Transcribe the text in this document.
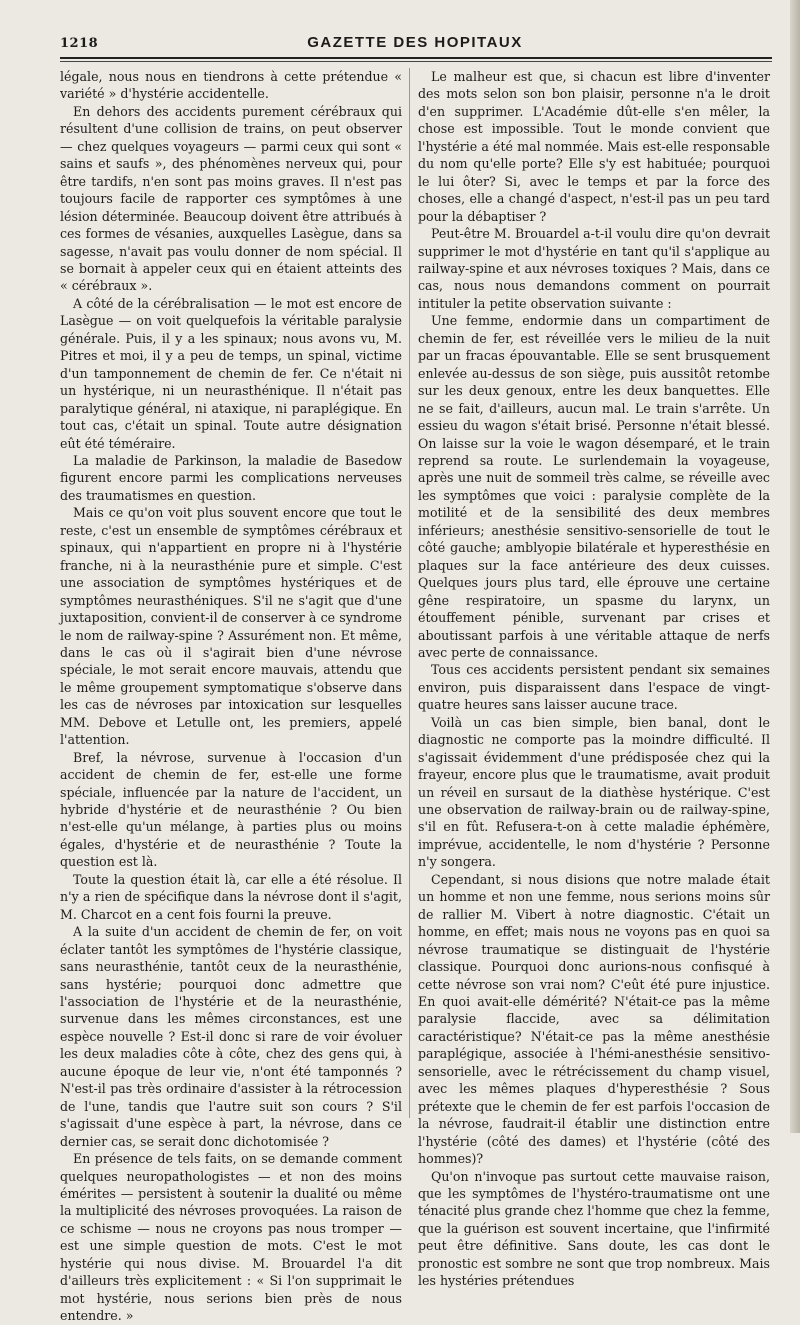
1218	GAZETTE DES HOPITAUX

légale, nous nous en tiendrons à cette prétendue « variété » d'hystérie accidentelle.

En dehors des accidents purement cérébraux qui résultent d'une collision de trains, on peut observer — chez quelques voyageurs — parmi ceux qui sont « sains et saufs », des phénomènes nerveux qui, pour être tardifs, n'en sont pas moins graves. Il n'est pas toujours facile de rapporter ces symptômes à une lésion déterminée. Beaucoup doivent être attribués à ces formes de vésanies, auxquelles Lasègue, dans sa sagesse, n'avait pas voulu donner de nom spécial. Il se bornait à appeler ceux qui en étaient atteints des « cérébraux ».

A côté de la cérébralisation — le mot est encore de Lasègue — on voit quelquefois la véritable paralysie générale. Puis, il y a les spinaux; nous avons vu, M. Pitres et moi, il y a peu de temps, un spinal, victime d'un tamponnement de chemin de fer. Ce n'était ni un hystérique, ni un neurasthénique. Il n'était pas paralytique général, ni ataxique, ni paraplégique. En tout cas, c'était un spinal. Toute autre désignation eût été téméraire.

La maladie de Parkinson, la maladie de Basedow figurent encore parmi les complications nerveuses des traumatismes en question.

Mais ce qu'on voit plus souvent encore que tout le reste, c'est un ensemble de symptômes cérébraux et spinaux, qui n'appartient en propre ni à l'hystérie franche, ni à la neurasthénie pure et simple. C'est une association de symptômes hystériques et de symptômes neurasthéniques. S'il ne s'agit que d'une juxtaposition, convient-il de conserver à ce syndrome le nom de railway-spine ? Assurément non. Et même, dans le cas où il s'agirait bien d'une névrose spéciale, le mot serait encore mauvais, attendu que le même groupement symptomatique s'observe dans les cas de névroses par intoxication sur lesquelles MM. Debove et Letulle ont, les premiers, appelé l'attention.

Bref, la névrose, survenue à l'occasion d'un accident de chemin de fer, est-elle une forme spéciale, influencée par la nature de l'accident, un hybride d'hystérie et de neurasthénie ? Ou bien n'est-elle qu'un mélange, à parties plus ou moins égales, d'hystérie et de neurasthénie ? Toute la question est là.

Toute la question était là, car elle a été résolue. Il n'y a rien de spécifique dans la névrose dont il s'agit, M. Charcot en a cent fois fourni la preuve.

A la suite d'un accident de chemin de fer, on voit éclater tantôt les symptômes de l'hystérie classique, sans neurasthénie, tantôt ceux de la neurasthénie, sans hystérie; pourquoi donc admettre que l'association de l'hystérie et de la neurasthénie, survenue dans les mêmes circonstances, est une espèce nouvelle ? Est-il donc si rare de voir évoluer les deux maladies côte à côte, chez des gens qui, à aucune époque de leur vie, n'ont été tamponnés ? N'est-il pas très ordinaire d'assister à la rétrocession de l'une, tandis que l'autre suit son cours ? S'il s'agissait d'une espèce à part, la névrose, dans ce dernier cas, se serait donc dichotomisée ?

En présence de tels faits, on se demande comment quelques neuropathologistes — et non des moins émérites — persistent à soutenir la dualité ou même la multiplicité des névroses provoquées. La raison de ce schisme — nous ne croyons pas nous tromper — est une simple question de mots. C'est le mot hystérie qui nous divise. M. Brouardel l'a dit d'ailleurs très explicitement : « Si l'on supprimait le mot hystérie, nous serions bien près de nous entendre. »

Le malheur est que, si chacun est libre d'inventer des mots selon son bon plaisir, personne n'a le droit d'en supprimer. L'Académie dût-elle s'en mêler, la chose est impossible. Tout le monde convient que l'hystérie a été mal nommée. Mais est-elle responsable du nom qu'elle porte? Elle s'y est habituée; pourquoi le lui ôter? Si, avec le temps et par la force des choses, elle a changé d'aspect, n'est-il pas un peu tard pour la débaptiser ?

Peut-être M. Brouardel a-t-il voulu dire qu'on devrait supprimer le mot d'hystérie en tant qu'il s'applique au railway-spine et aux névroses toxiques ? Mais, dans ce cas, nous nous demandons comment on pourrait intituler la petite observation suivante :

Une femme, endormie dans un compartiment de chemin de fer, est réveillée vers le milieu de la nuit par un fracas épouvantable. Elle se sent brusquement enlevée au-dessus de son siège, puis aussitôt retombe sur les deux genoux, entre les deux banquettes. Elle ne se fait, d'ailleurs, aucun mal. Le train s'arrête. Un essieu du wagon s'était brisé. Personne n'était blessé. On laisse sur la voie le wagon désemparé, et le train reprend sa route. Le surlendemain la voyageuse, après une nuit de sommeil très calme, se réveille avec les symptômes que voici : paralysie complète de la motilité et de la sensibilité des deux membres inférieurs; anesthésie sensitivo-sensorielle de tout le côté gauche; amblyopie bilatérale et hyperesthésie en plaques sur la face antérieure des deux cuisses. Quelques jours plus tard, elle éprouve une certaine gêne respiratoire, un spasme du larynx, un étouffement pénible, survenant par crises et aboutissant parfois à une véritable attaque de nerfs avec perte de connaissance.

Tous ces accidents persistent pendant six semaines environ, puis disparaissent dans l'espace de vingt-quatre heures sans laisser aucune trace.

Voilà un cas bien simple, bien banal, dont le diagnostic ne comporte pas la moindre difficulté. Il s'agissait évidemment d'une prédisposée chez qui la frayeur, encore plus que le traumatisme, avait produit un réveil en sursaut de la diathèse hystérique. C'est une observation de railway-brain ou de railway-spine, s'il en fût. Refusera-t-on à cette maladie éphémère, imprévue, accidentelle, le nom d'hystérie ? Personne n'y songera.

Cependant, si nous disions que notre malade était un homme et non une femme, nous serions moins sûr de rallier M. Vibert à notre diagnostic. C'était un homme, en effet; mais nous ne voyons pas en quoi sa névrose traumatique se distinguait de l'hystérie classique. Pourquoi donc aurions-nous confisqué à cette névrose son vrai nom? C'eût été pure injustice. En quoi avait-elle démérité? N'était-ce pas la même paralysie flaccide, avec sa délimitation caractéristique? N'était-ce pas la même anesthésie paraplégique, associée à l'hémi-anesthésie sensitivo-sensorielle, avec le rétrécissement du champ visuel, avec les mêmes plaques d'hyperesthésie ? Sous prétexte que le chemin de fer est parfois l'occasion de la névrose, faudrait-il établir une distinction entre l'hystérie (côté des dames) et l'hystérie (côté des hommes)?

Qu'on n'invoque pas surtout cette mauvaise raison, que les symptômes de l'hystéro-traumatisme ont une ténacité plus grande chez l'homme que chez la femme, que la guérison est souvent incertaine, que l'infirmité peut être définitive. Sans doute, les cas dont le pronostic est sombre ne sont que trop nombreux. Mais les hystéries prétendues
